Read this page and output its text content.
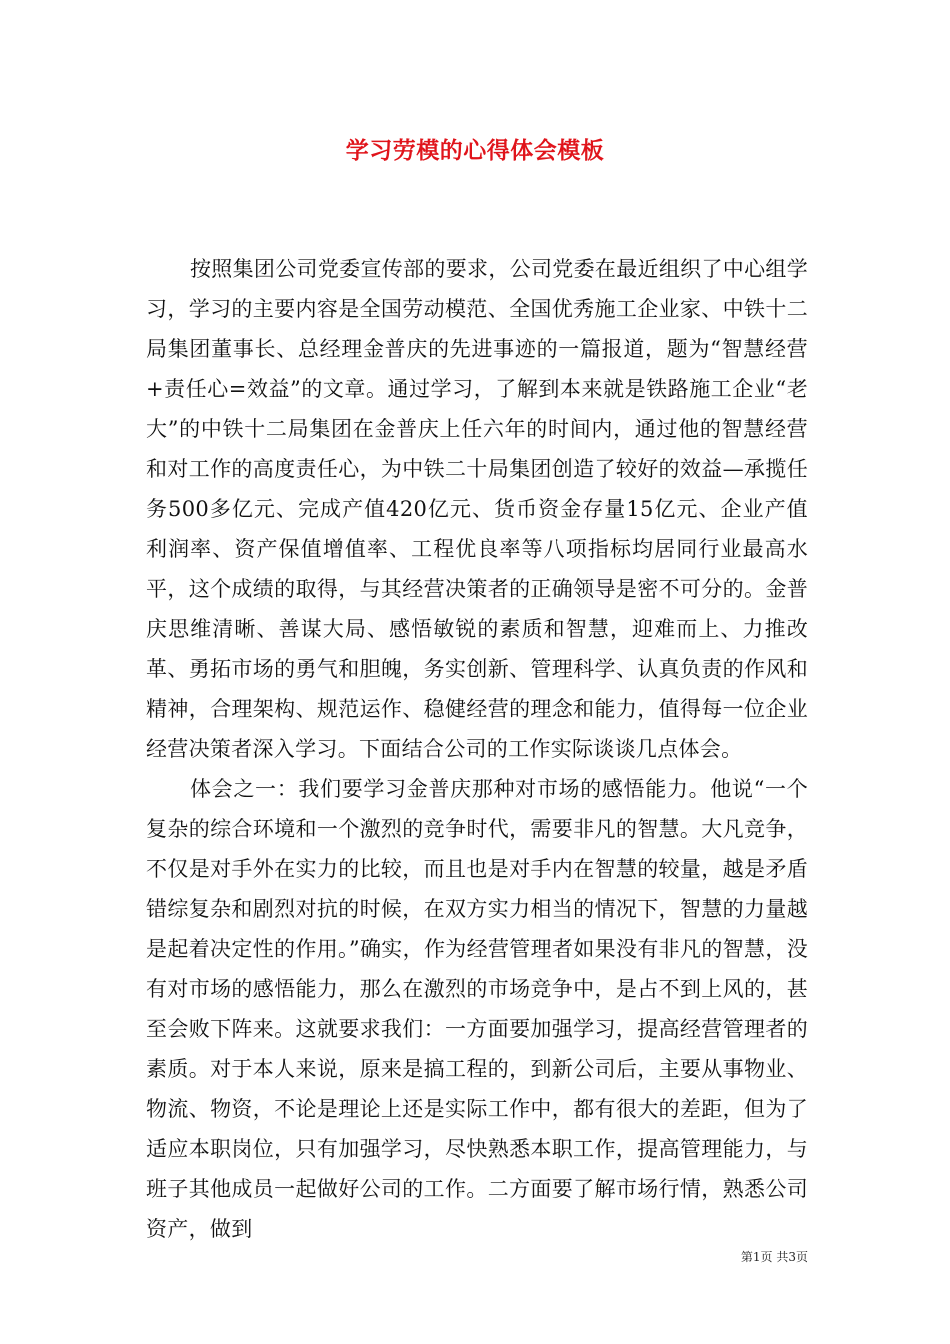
学习劳模的心得体会模板

按照集团公司党委宣传部的要求，公司党委在最近组织了中心组学习，学习的主要内容是全国劳动模范、全国优秀施工企业家、中铁十二局集团董事长、总经理金普庆的先进事迹的一篇报道，题为“智慧经营+责任心=效益”的文章。通过学习，了解到本来就是铁路施工企业“老大”的中铁十二局集团在金普庆上任六年的时间内，通过他的智慧经营和对工作的高度责任心，为中铁二十局集团创造了较好的效益—承揽任务500多亿元、完成产值420亿元、货币资金存量15亿元、企业产值利润率、资产保值增值率、工程优良率等八项指标均居同行业最高水平，这个成绩的取得，与其经营决策者的正确领导是密不可分的。金普庆思维清晰、善谋大局、感悟敏锐的素质和智慧，迎难而上、力推改革、勇拓市场的勇气和胆魄，务实创新、管理科学、认真负责的作风和精神，合理架构、规范运作、稳健经营的理念和能力，值得每一位企业经营决策者深入学习。下面结合公司的工作实际谈谈几点体会。

体会之一：我们要学习金普庆那种对市场的感悟能力。他说“一个复杂的综合环境和一个激烈的竞争时代，需要非凡的智慧。大凡竞争，不仅是对手外在实力的比较，而且也是对手内在智慧的较量，越是矛盾错综复杂和剧烈对抗的时候，在双方实力相当的情况下，智慧的力量越是起着决定性的作用。”确实，作为经营管理者如果没有非凡的智慧，没有对市场的感悟能力，那么在激烈的市场竞争中，是占不到上风的，甚至会败下阵来。这就要求我们：一方面要加强学习，提高经营管理者的素质。对于本人来说，原来是搞工程的，到新公司后，主要从事物业、物流、物资，不论是理论上还是实际工作中，都有很大的差距，但为了适应本职岗位，只有加强学习，尽快熟悉本职工作，提高管理能力，与班子其他成员一起做好公司的工作。二方面要了解市场行情，熟悉公司资产，做到

第1页 共3页
